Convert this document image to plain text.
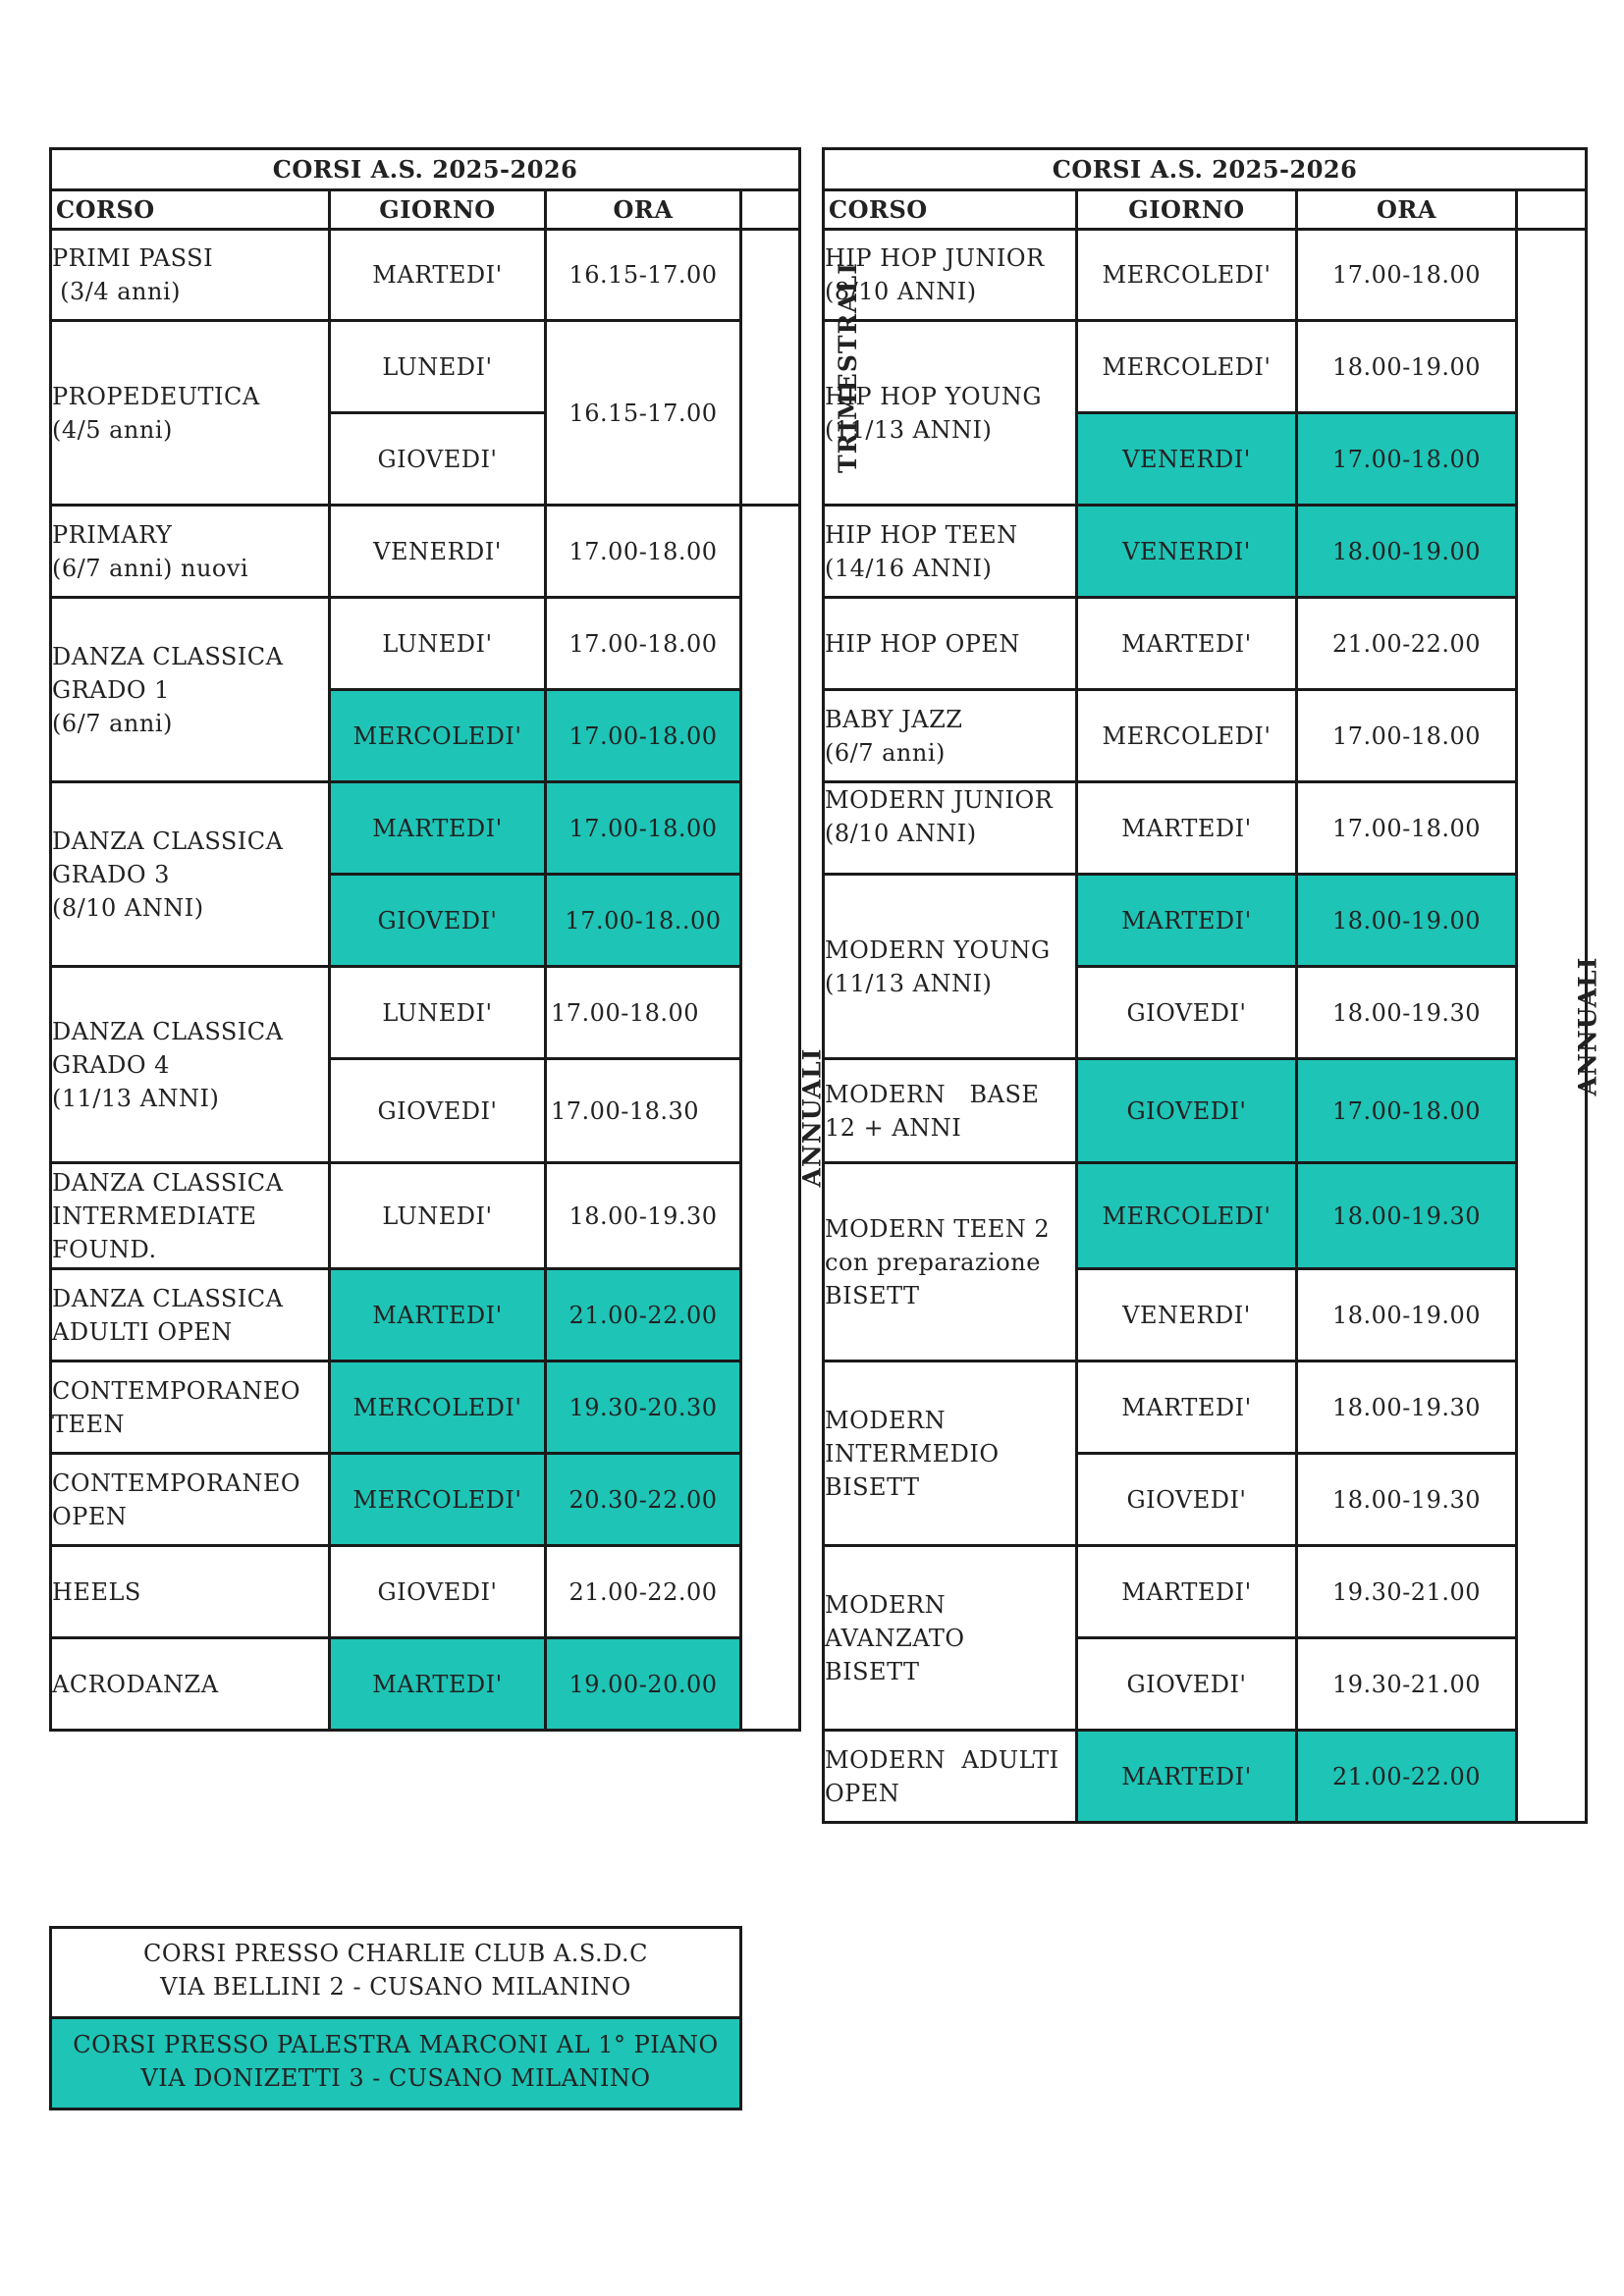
CORSI A.S. 2025-2026			
CORSO	GIORNO	ORA	
PRIMI PASSI
(3/4 anni)	MARTEDI'	16.15-17.00	TRIMESTRALI
PROPEDEUTICA
(4/5 anni)	LUNEDI'	16.15-17.00	
	GIOVEDI'		
PRIMARY
(6/7 anni) nuovi	VENERDI'	17.00-18.00	ANNUALI
DANZA CLASSICA
GRADO 1
(6/7 anni)	LUNEDI'	17.00-18.00	
	MERCOLEDI'	17.00-18.00	
DANZA CLASSICA
GRADO 3
(8/10 ANNI)	MARTEDI'	17.00-18.00	
	GIOVEDI'	17.00-18..00	
DANZA CLASSICA
GRADO 4
(11/13 ANNI)	LUNEDI'	17.00-18.00	
	GIOVEDI'	17.00-18.30	
DANZA CLASSICA
INTERMEDIATE
FOUND.	LUNEDI'	18.00-19.30	
DANZA CLASSICA
ADULTI OPEN	MARTEDI'	21.00-22.00	
CONTEMPORANEO
TEEN	MERCOLEDI'	19.30-20.30	
CONTEMPORANEO
OPEN	MERCOLEDI'	20.30-22.00	
HEELS	GIOVEDI'	21.00-22.00	
ACRODANZA	MARTEDI'	19.00-20.00	
CORSI A.S. 2025-2026			
CORSO	GIORNO	ORA	
HIP HOP JUNIOR
(8/10 ANNI)	MERCOLEDI'	17.00-18.00	ANNUALI
HIP HOP YOUNG
(11/13 ANNI)	MERCOLEDI'	18.00-19.00	
	VENERDI'	17.00-18.00	
HIP HOP TEEN
(14/16 ANNI)	VENERDI'	18.00-19.00	
HIP HOP OPEN	MARTEDI'	21.00-22.00	
BABY JAZZ
(6/7 anni)	MERCOLEDI'	17.00-18.00	
MODERN JUNIOR
(8/10 ANNI)	MARTEDI'	17.00-18.00	
MODERN YOUNG
(11/13 ANNI)	MARTEDI'	18.00-19.00	
	GIOVEDI'	18.00-19.30	
MODERN   BASE
12 + ANNI	GIOVEDI'	17.00-18.00	
MODERN TEEN 2
con preparazione
BISETT	MERCOLEDI'	18.00-19.30	
	VENERDI'	18.00-19.00	
MODERN
INTERMEDIO
BISETT	MARTEDI'	18.00-19.30	
	GIOVEDI'	18.00-19.30	
MODERN
AVANZATO
BISETT	MARTEDI'	19.30-21.00	
	GIOVEDI'	19.30-21.00	
MODERN  ADULTI
OPEN	MARTEDI'	21.00-22.00	
CORSI PRESSO CHARLIE CLUB A.S.D.C
VIA BELLINI 2 - CUSANO MILANINO
CORSI PRESSO PALESTRA MARCONI AL 1° PIANO
VIA DONIZETTI 3 - CUSANO MILANINO
